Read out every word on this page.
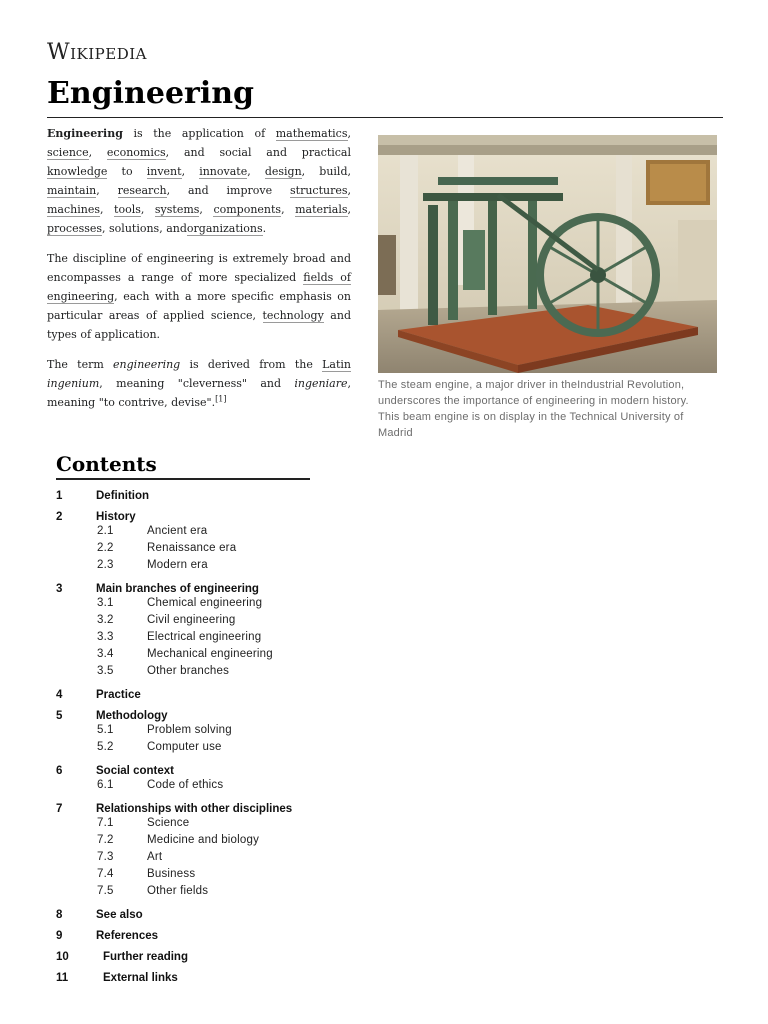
Wikipedia
Engineering

Engineering is the application of mathematics, science, economics, and social and practical knowledge to invent, innovate, design, build, maintain, research, and improve structures, machines, tools, systems, components, materials, processes, solutions, andorganizations.

The discipline of engineering is extremely broad and encompasses a range of more specialized fields of engineering, each with a more specific emphasis on particular areas of applied science, technology and types of application.

The term engineering is derived from the Latin ingenium, meaning "cleverness" and ingeniare, meaning "to contrive, devise".[1]

The steam engine, a major driver in theIndustrial Revolution, underscores the importance of engineering in modern history. This beam engine is on display in the Technical University of Madrid
Contents
1	Definition
2	History
2.1	Ancient era
2.2	Renaissance era
2.3	Modern era
3	Main branches of engineering
3.1	Chemical engineering
3.2	Civil engineering
3.3	Electrical engineering
3.4	Mechanical engineering
3.5	Other branches
4	Practice
5	Methodology
5.1	Problem solving
5.2	Computer use
6	Social context
6.1	Code of ethics
7	Relationships with other disciplines
7.1	Science
7.2	Medicine and biology
7.3	Art
7.4	Business
7.5	Other fields
8	See also
9	References
10	Further reading
11	External links
